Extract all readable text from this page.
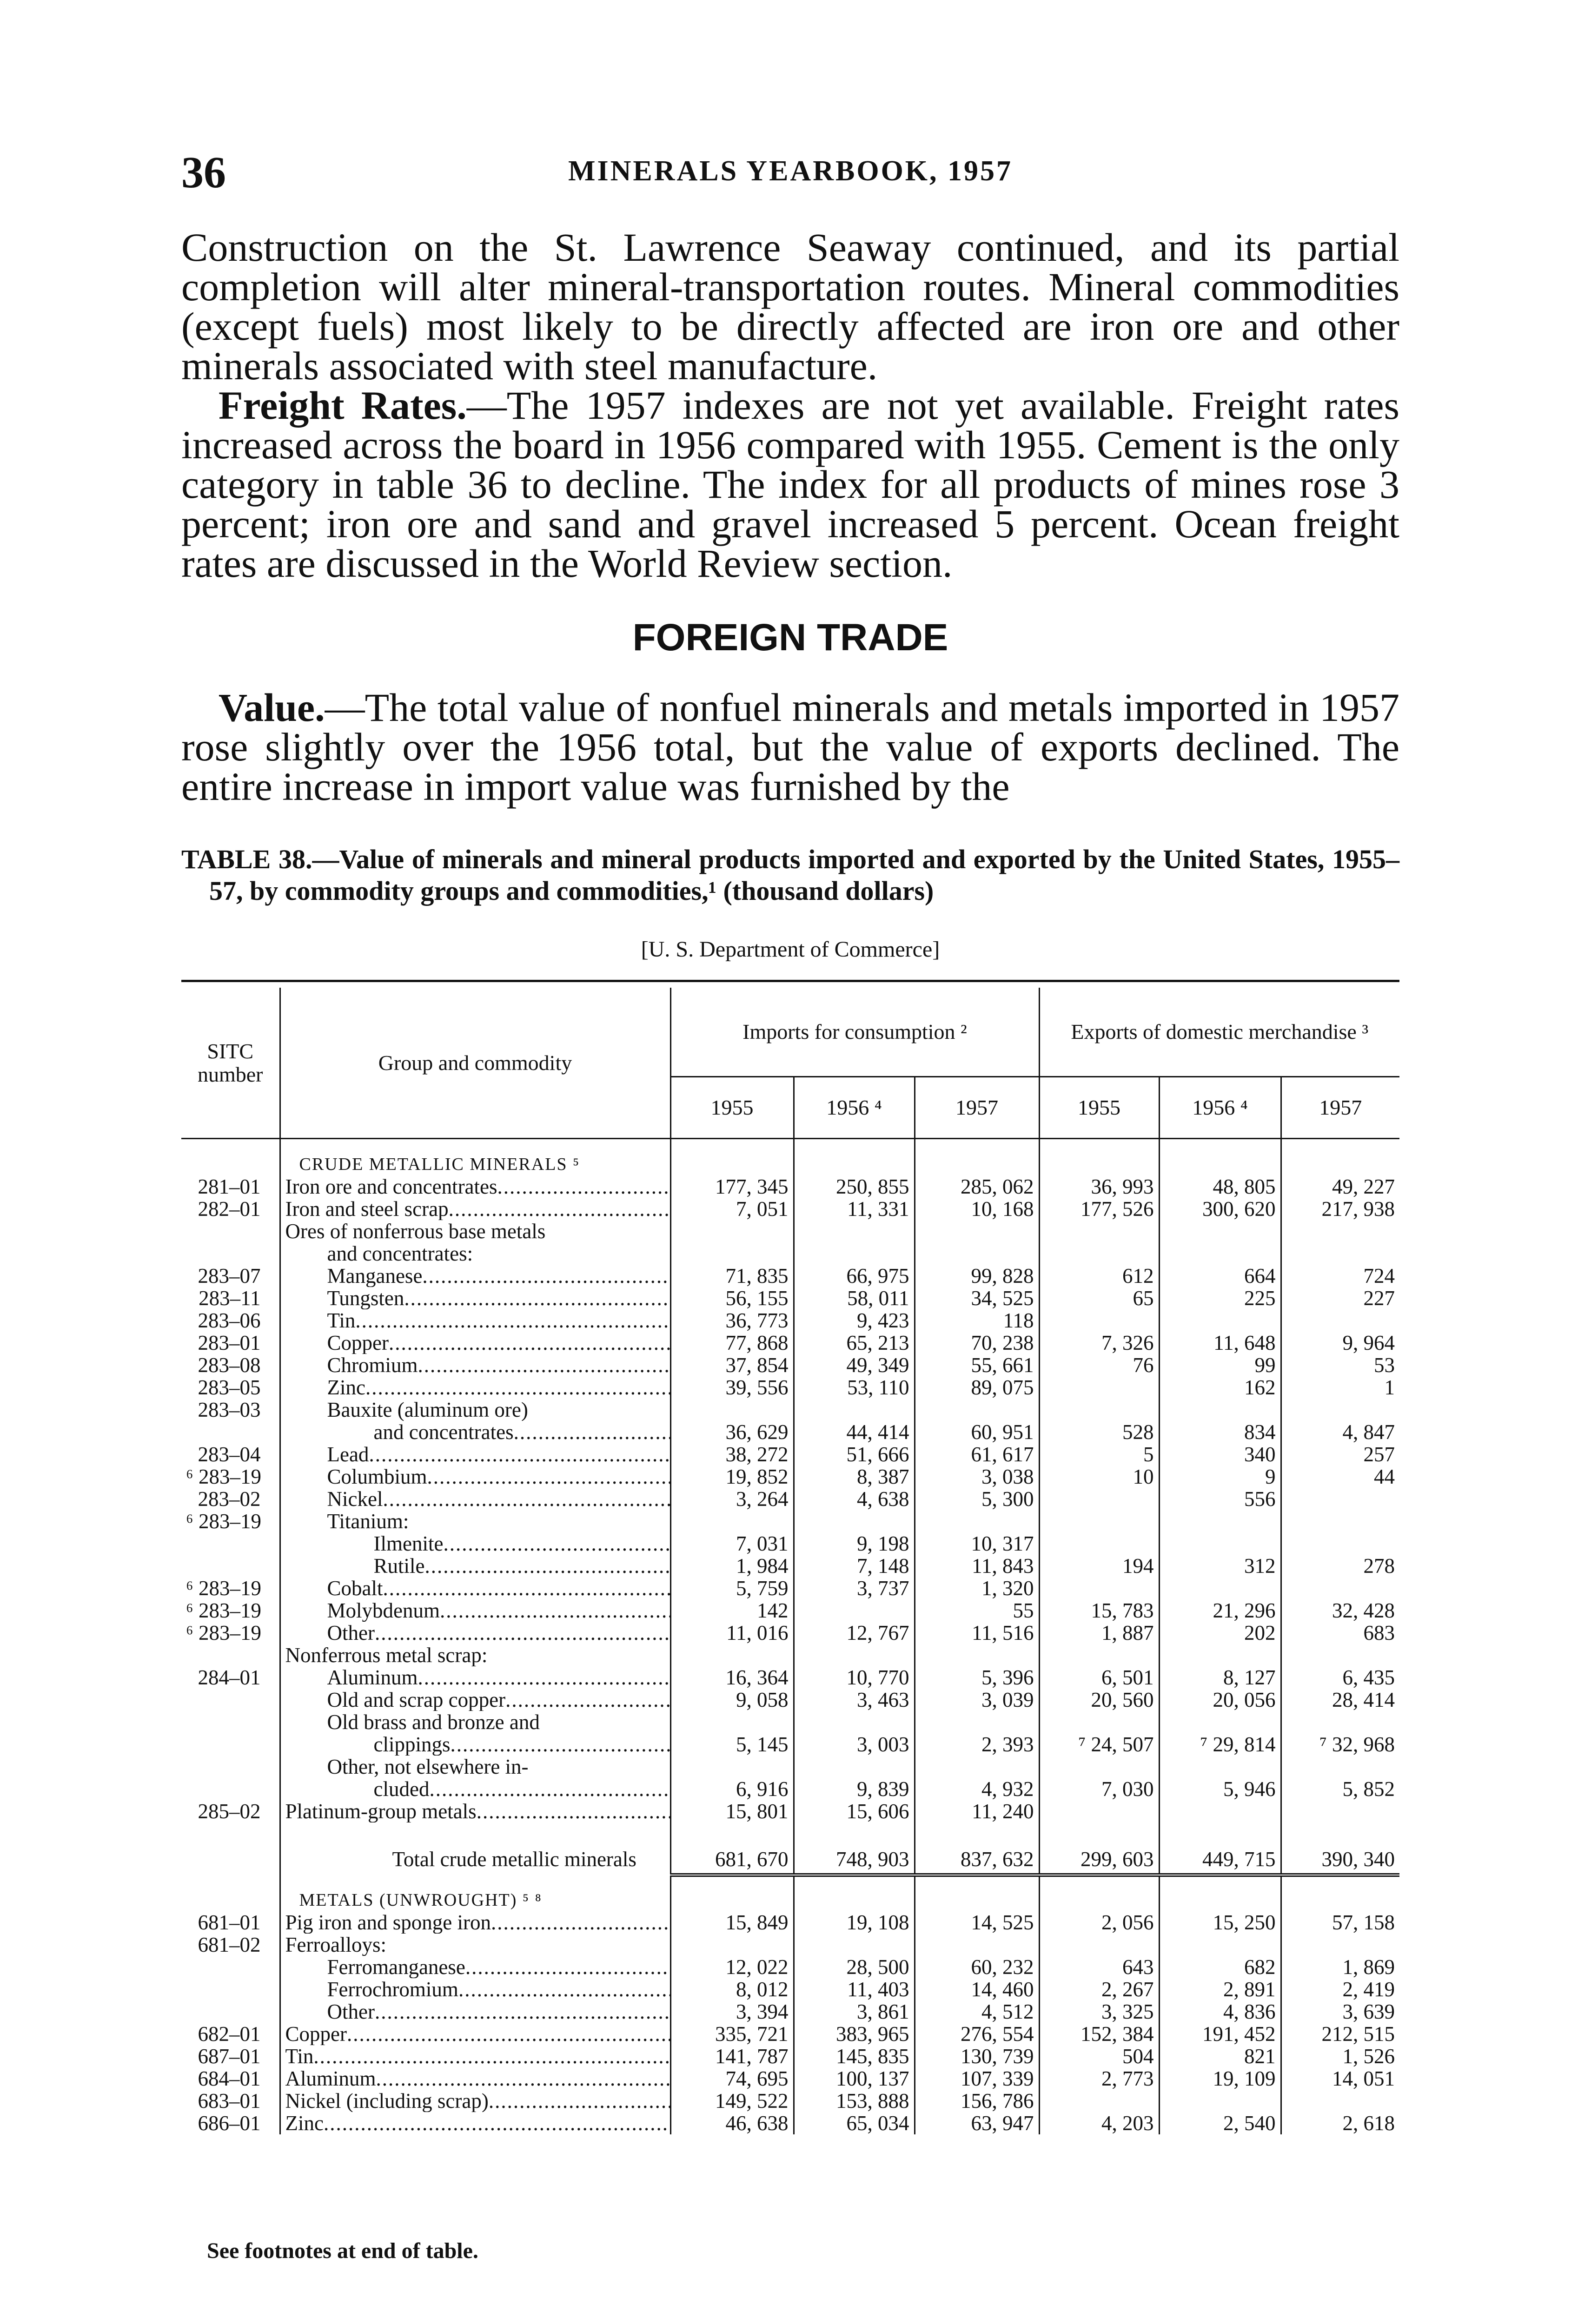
36	MINERALS YEARBOOK, 1957

Construction on the St. Lawrence Seaway continued, and its partial completion will alter mineral-transportation routes. Mineral commodities (except fuels) most likely to be directly affected are iron ore and other minerals associated with steel manufacture.

Freight Rates.—The 1957 indexes are not yet available. Freight rates increased across the board in 1956 compared with 1955. Cement is the only category in table 36 to decline. The index for all products of mines rose 3 percent; iron ore and sand and gravel increased 5 percent. Ocean freight rates are discussed in the World Review section.

FOREIGN TRADE

Value.—The total value of nonfuel minerals and metals imported in 1957 rose slightly over the 1956 total, but the value of exports declined. The entire increase in import value was furnished by the

TABLE 38.—Value of minerals and mineral products imported and exported by the United States, 1955–57, by commodity groups and commodities,¹ (thousand dollars)
[U. S. Department of Commerce]
SITC number	Group and commodity	Imports for consumption ²			Exports of domestic merchandise ³		
		1955	1956 ⁴	1957	1955	1956 ⁴	1957
	CRUDE METALLIC MINERALS ⁵						
281–01	Iron ore and concentrates .....	177, 345	250, 855	285, 062	36, 993	48, 805	49, 227
282–01	Iron and steel scrap .....	7, 051	11, 331	10, 168	177, 526	300, 620	217, 938
	Ores of nonferrous base metals						
	and concentrates:						
283–07	Manganese .....	71, 835	66, 975	99, 828	612	664	724
283–11	Tungsten .....	56, 155	58, 011	34, 525	65	225	227
283–06	Tin .....	36, 773	9, 423	118			
283–01	Copper .....	77, 868	65, 213	70, 238	7, 326	11, 648	9, 964
283–08	Chromium .....	37, 854	49, 349	55, 661	76	99	53
283–05	Zinc .....	39, 556	53, 110	89, 075		162	1
283–03	Bauxite (aluminum ore)						
	and concentrates .....	36, 629	44, 414	60, 951	528	834	4, 847
283–04	Lead .....	38, 272	51, 666	61, 617	5	340	257
⁶ 283–19	Columbium .....	19, 852	8, 387	3, 038	10	9	44
283–02	Nickel .....	3, 264	4, 638	5, 300		556	
⁶ 283–19	Titanium:						
	Ilmenite .....	7, 031	9, 198	10, 317			
	Rutile .....	1, 984	7, 148	11, 843	194	312	278
⁶ 283–19	Cobalt .....	5, 759	3, 737	1, 320			
⁶ 283–19	Molybdenum .....	142		55	15, 783	21, 296	32, 428
⁶ 283–19	Other .....	11, 016	12, 767	11, 516	1, 887	202	683
	Nonferrous metal scrap:						
284–01	Aluminum .....	16, 364	10, 770	5, 396	6, 501	8, 127	6, 435
	Old and scrap copper .....	9, 058	3, 463	3, 039	20, 560	20, 056	28, 414
	Old brass and bronze and						
	clippings .....	5, 145	3, 003	2, 393	⁷ 24, 507	⁷ 29, 814	⁷ 32, 968
	Other, not elsewhere in-						
	cluded .....	6, 916	9, 839	4, 932	7, 030	5, 946	5, 852
285–02	Platinum-group metals .....	15, 801	15, 606	11, 240			
	Total crude metallic minerals	681, 670	748, 903	837, 632	299, 603	449, 715	390, 340
	METALS (UNWROUGHT) ⁵ ⁸						
681–01	Pig iron and sponge iron .....	15, 849	19, 108	14, 525	2, 056	15, 250	57, 158
681–02	Ferroalloys:						
	Ferromanganese .....	12, 022	28, 500	60, 232	643	682	1, 869
	Ferrochromium .....	8, 012	11, 403	14, 460	2, 267	2, 891	2, 419
	Other .....	3, 394	3, 861	4, 512	3, 325	4, 836	3, 639
682–01	Copper .....	335, 721	383, 965	276, 554	152, 384	191, 452	212, 515
687–01	Tin .....	141, 787	145, 835	130, 739	504	821	1, 526
684–01	Aluminum .....	74, 695	100, 137	107, 339	2, 773	19, 109	14, 051
683–01	Nickel (including scrap) .....	149, 522	153, 888	156, 786			
686–01	Zinc .....	46, 638	65, 034	63, 947	4, 203	2, 540	2, 618
See footnotes at end of table.
